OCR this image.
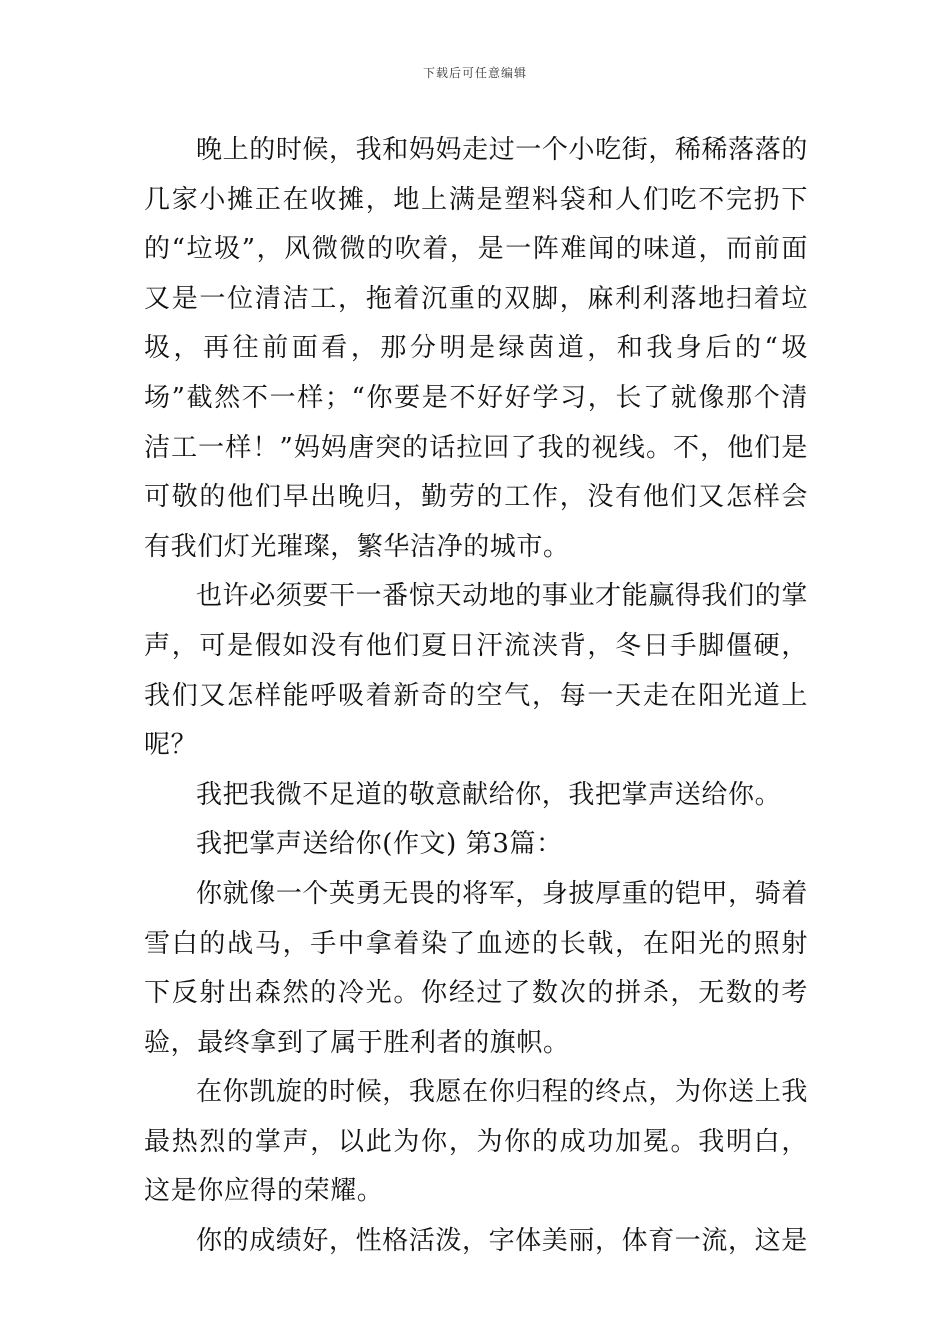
下载后可任意编辑

晚上的时候，我和妈妈走过一个小吃街，稀稀落落的几家小摊正在收摊，地上满是塑料袋和人们吃不完扔下的“垃圾”，风微微的吹着，是一阵难闻的味道，而前面又是一位清洁工，拖着沉重的双脚，麻利利落地扫着垃圾，再往前面看，那分明是绿茵道，和我身后的“圾场”截然不一样；“你要是不好好学习，长了就像那个清洁工一样！”妈妈唐突的话拉回了我的视线。不，他们是可敬的他们早出晚归，勤劳的工作，没有他们又怎样会有我们灯光璀璨，繁华洁净的城市。

也许必须要干一番惊天动地的事业才能赢得我们的掌声，可是假如没有他们夏日汗流浃背，冬日手脚僵硬，我们又怎样能呼吸着新奇的空气，每一天走在阳光道上呢？

我把我微不足道的敬意献给你，我把掌声送给你。

我把掌声送给你(作文) 第3篇：

你就像一个英勇无畏的将军，身披厚重的铠甲，骑着雪白的战马，手中拿着染了血迹的长戟，在阳光的照射下反射出森然的冷光。你经过了数次的拼杀，无数的考验，最终拿到了属于胜利者的旗帜。

在你凯旋的时候，我愿在你归程的终点，为你送上我最热烈的掌声，以此为你，为你的成功加冕。我明白，这是你应得的荣耀。

你的成绩好，性格活泼，字体美丽，体育一流，这是
